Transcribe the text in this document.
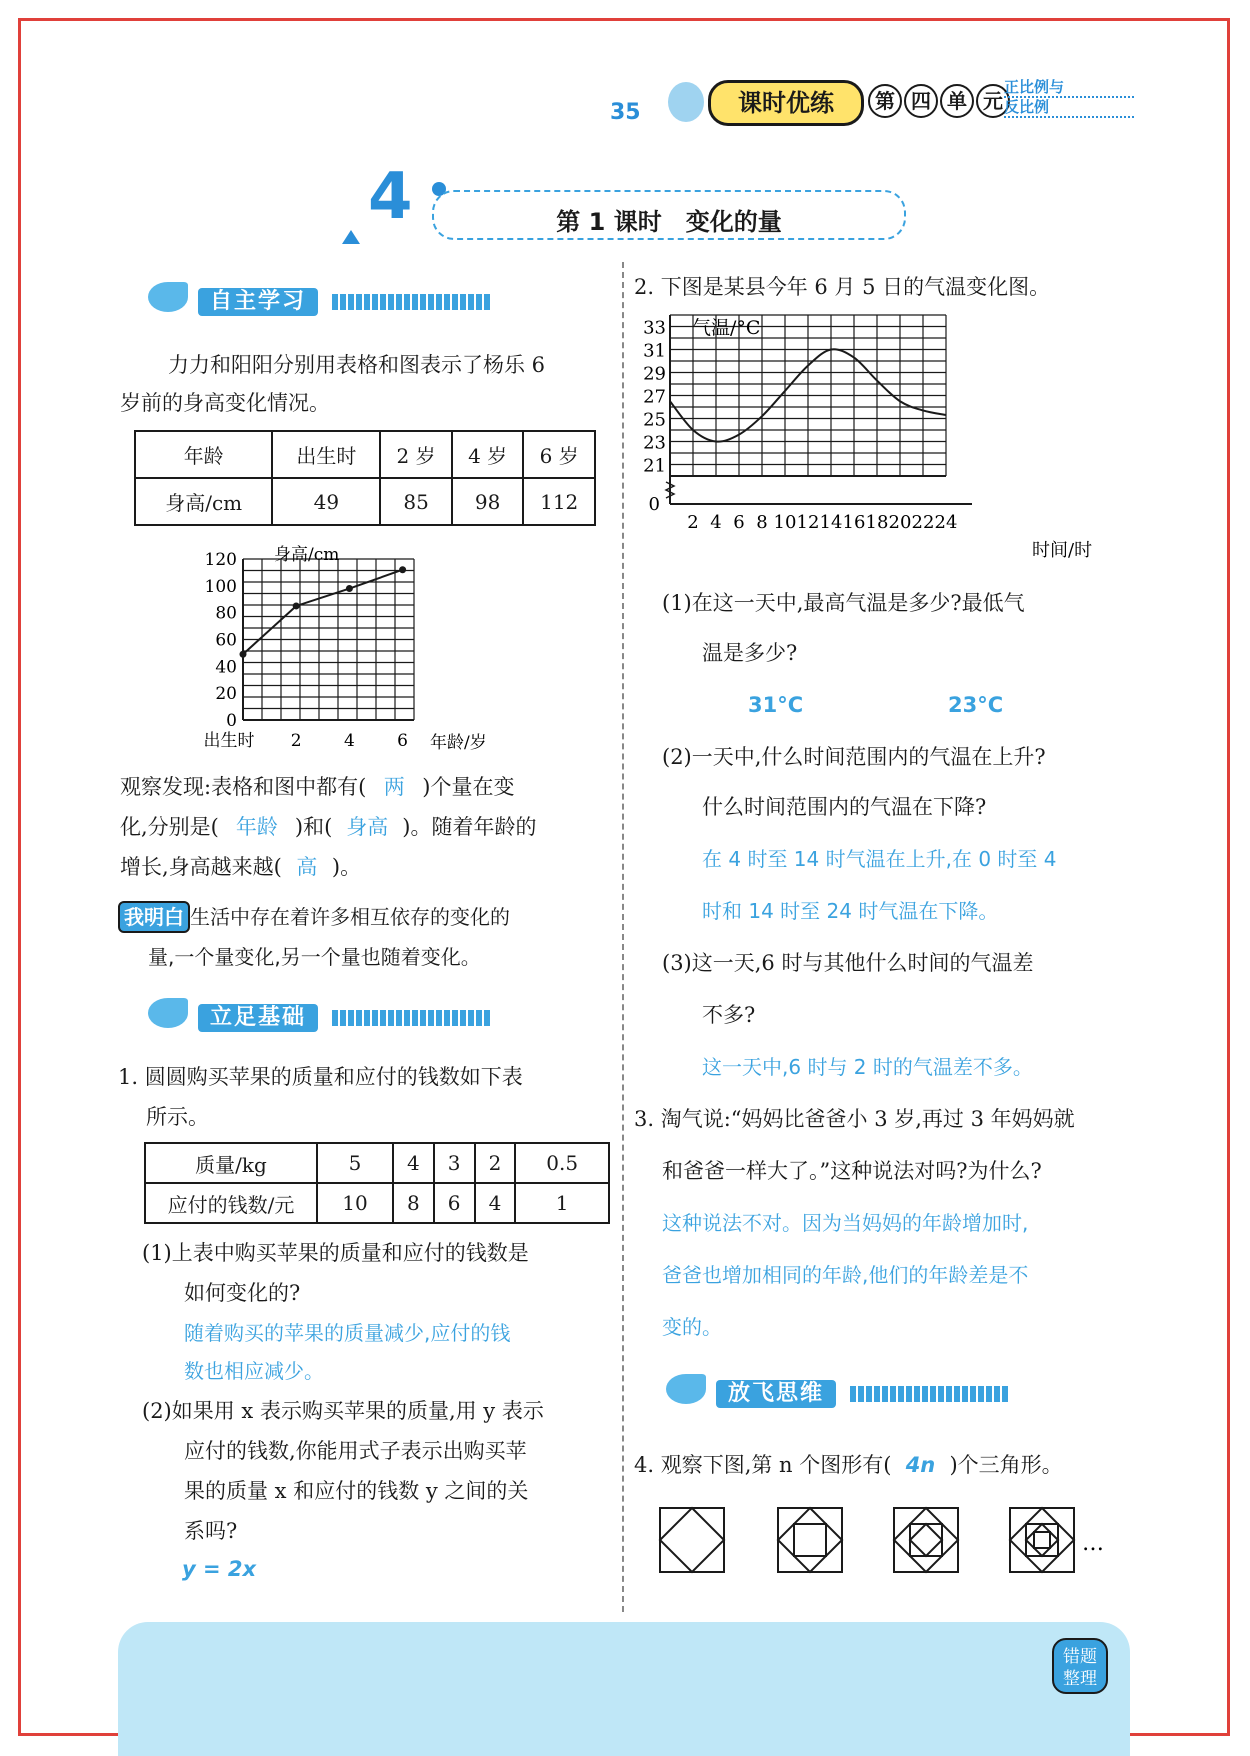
35	课时优练	第 四 单 元
正比例与
反比例
4	第 1 课时　变化的量
自主学习
力力和阳阳分别用表格和图表示了杨乐 6
岁前的身高变化情况。
年龄	出生时	2 岁	4 岁	6 岁
身高/cm	49	85	98	112
0
20
40
60
80
100
120
出生时 2 4 6
身高/cm
年龄/岁
观察发现:表格和图中都有( 两 )个量在变
化,分别是( 年龄 )和( 身高 )。随着年龄的
增长,身高越来越( 高 )。
我明白 生活中存在着许多相互依存的变化的
量,一个量变化,另一个量也随着变化。
立足基础
1. 圆圆购买苹果的质量和应付的钱数如下表
所示。
质量/kg	5	4	3	2	0.5
应付的钱数/元	10	8	6	4	1
(1)上表中购买苹果的质量和应付的钱数是
如何变化的?
随着购买的苹果的质量减少,应付的钱
数也相应减少。
(2)如果用 x 表示购买苹果的质量,用 y 表示
应付的钱数,你能用式子表示出购买苹
果的质量 x 和应付的钱数 y 之间的关
系吗?
y = 2x
2. 下图是某县今年 6 月 5 日的气温变化图。
21
23
25
27
29
31
33
0
2 4 6 8 10 12 14 16 18 20 22 24
气温/°C
时间/时
(1)在这一天中,最高气温是多少?最低气
温是多少?
31°C	23°C
(2)一天中,什么时间范围内的气温在上升?
什么时间范围内的气温在下降?
在 4 时至 14 时气温在上升,在 0 时至 4
时和 14 时至 24 时气温在下降。
(3)这一天,6 时与其他什么时间的气温差
不多?
这一天中,6 时与 2 时的气温差不多。
3. 淘气说:“妈妈比爸爸小 3 岁,再过 3 年妈妈就
和爸爸一样大了。”这种说法对吗?为什么?
这种说法不对。因为当妈妈的年龄增加时,
爸爸也增加相同的年龄,他们的年龄差是不
变的。
放飞思维
4. 观察下图,第 n 个图形有( 4n )个三角形。
…
错题
整理
